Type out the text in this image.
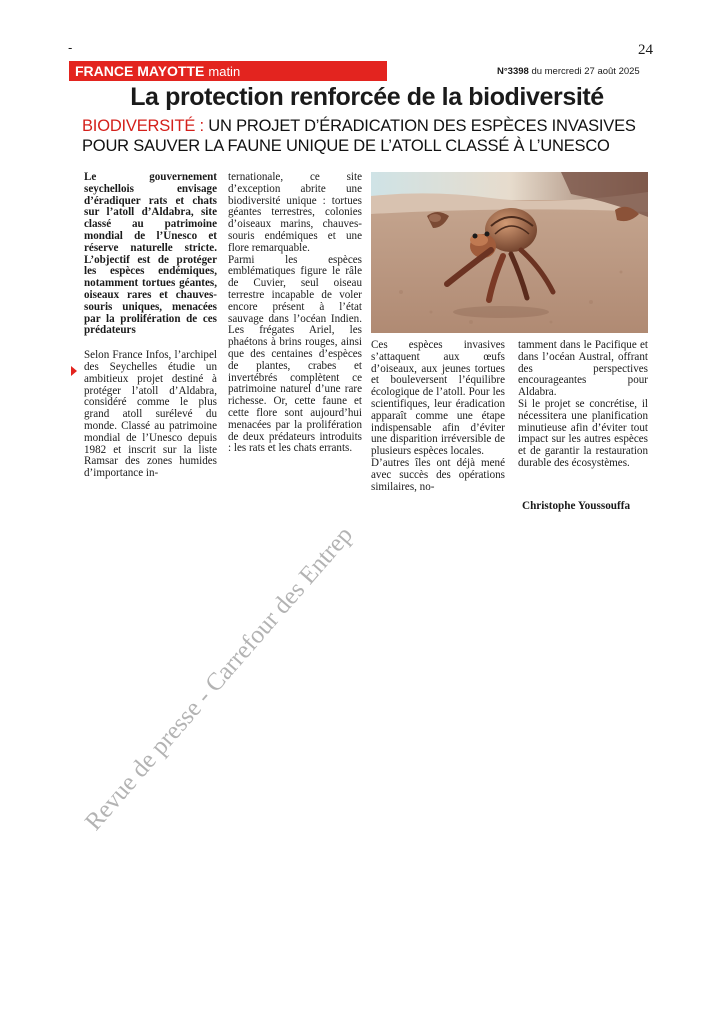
-	24
FRANCE MAYOTTE matin	N°3398 du mercredi 27 août 2025
La protection renforcée de la biodiversité
BIODIVERSITÉ : UN PROJET D’ÉRADICATION DES ESPÈCES INVASIVES POUR SAUVER LA FAUNE UNIQUE DE L’ATOLL CLASSÉ À L’UNESCO

Le gouvernement seychellois envisage d’éradiquer rats et chats sur l’atoll d’Aldabra, site classé au patrimoine mondial de l’Unesco et réserve naturelle stricte. L’objectif est de protéger les espèces endémiques, notamment tortues géantes, oiseaux rares et chauves-souris uniques, menacées par la prolifération de ces prédateurs

Selon France Infos, l’archipel des Seychelles étudie un ambitieux projet destiné à protéger l’atoll d’Aldabra, considéré comme le plus grand atoll surélevé du monde. Classé au patrimoine mondial de l’Unesco depuis 1982 et inscrit sur la liste Ramsar des zones humides d’importance in-

ternationale, ce site d’exception abrite une biodiversité unique : tortues géantes terrestres, colonies d’oiseaux marins, chauves-souris endémiques et une flore remarquable.

Parmi les espèces emblématiques figure le râle de Cuvier, seul oiseau terrestre incapable de voler encore présent à l’état sauvage dans l’océan Indien. Les frégates Ariel, les phaétons à brins rouges, ainsi que des centaines d’espèces de plantes, crabes et invertébrés complètent ce patrimoine naturel d’une rare richesse. Or, cette faune et cette flore sont aujourd’hui menacées par la prolifération de deux prédateurs introduits : les rats et les chats errants.

Ces espèces invasives s’attaquent aux œufs d’oiseaux, aux jeunes tortues et bouleversent l’équilibre écologique de l’atoll. Pour les scientifiques, leur éradication apparaît comme une étape indispensable afin d’éviter une disparition irréversible de plusieurs espèces locales.

D’autres îles ont déjà mené avec succès des opérations similaires, no-

tamment dans le Pacifique et dans l’océan Austral, offrant des perspectives encourageantes pour Aldabra.

Si le projet se concrétise, il nécessitera une planification minutieuse afin d’éviter tout impact sur les autres espèces et de garantir la restauration durable des écosystèmes.

Christophe Youssouffa
Revue de presse - Carrefour des Entrep
